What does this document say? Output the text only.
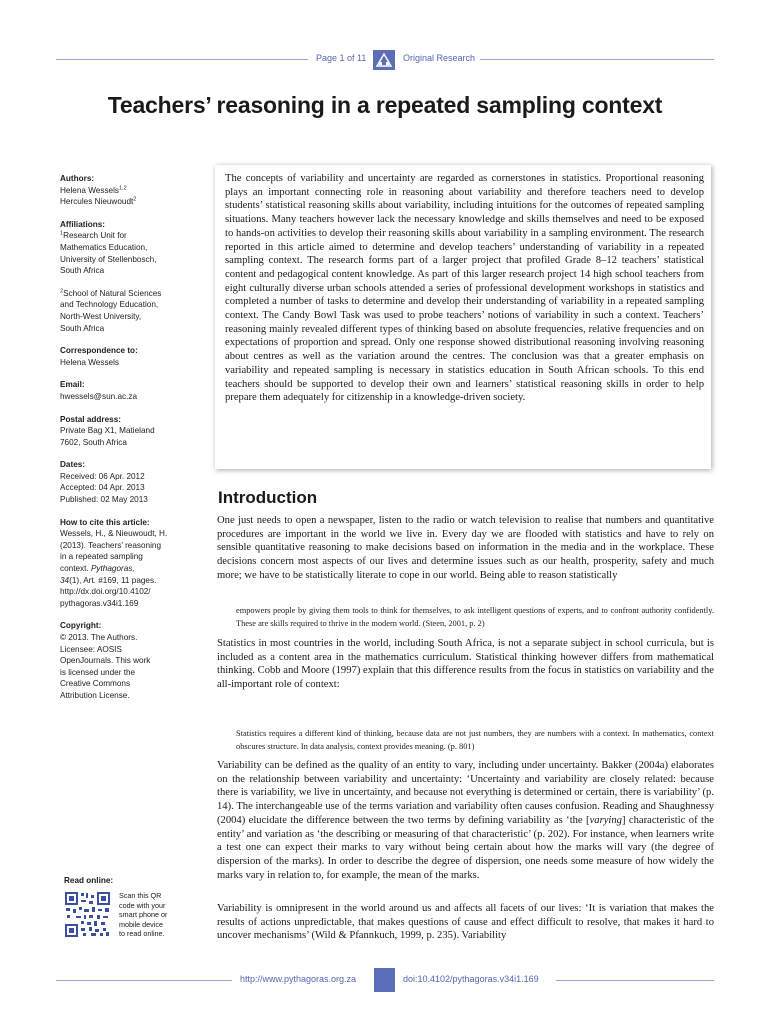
Page 1 of 11	Original Research
Teachers’ reasoning in a repeated sampling context
Authors:
Helena Wessels$^{1,2}$
Hercules Nieuwoudt$^2$
Affiliations:
$^1$Research Unit for
Mathematics Education,
University of Stellenbosch,
South Africa
$^2$School of Natural Sciences
and Technology Education,
North-West University,
South Africa
Correspondence to:
Helena Wessels
Email:
hwessels@sun.ac.za
Postal address:
Private Bag X1, Matieland
7602, South Africa
Dates:
Received: 06 Apr. 2012
Accepted: 04 Apr. 2013
Published: 02 May 2013
How to cite this article:
Wessels, H., & Nieuwoudt, H.
(2013). Teachers’ reasoning
in a repeated sampling
context. Pythagoras,
34(1), Art. #169, 11 pages.
http://dx.doi.org/10.4102/
pythagoras.v34i1.169
Copyright:
© 2013. The Authors.
Licensee: AOSIS
OpenJournals. This work
is licensed under the
Creative Commons
Attribution License.
Read online:
Scan this QR
code with your
smart phone or
mobile device
to read online.
The concepts of variability and uncertainty are regarded as cornerstones in statistics. Proportional reasoning plays an important connecting role in reasoning about variability and therefore teachers need to develop students’ statistical reasoning skills about variability, including intuitions for the outcomes of repeated sampling situations. Many teachers however lack the necessary knowledge and skills themselves and need to be exposed to hands-on activities to develop their reasoning skills about variability in a sampling environment. The research reported in this article aimed to determine and develop teachers’ understanding of variability in a repeated sampling context. The research forms part of a larger project that profiled Grade 8–12 teachers’ statistical content and pedagogical content knowledge. As part of this larger research project 14 high school teachers from eight culturally diverse urban schools attended a series of professional development workshops in statistics and completed a number of tasks to determine and develop their understanding of variability in a repeated sampling context. The Candy Bowl Task was used to probe teachers’ notions of variability in such a context. Teachers’ reasoning mainly revealed different types of thinking based on absolute frequencies, relative frequencies and on expectations of proportion and spread. Only one response showed distributional reasoning involving reasoning about centres as well as the variation around the centres. The conclusion was that a greater emphasis on variability and repeated sampling is necessary in statistics education in South African schools. To this end teachers should be supported to develop their own and learners’ statistical reasoning skills in order to help prepare them adequately for citizenship in a knowledge-driven society.
Introduction
One just needs to open a newspaper, listen to the radio or watch television to realise that numbers and quantitative procedures are important in the world we live in. Every day we are flooded with statistics and have to rely on sensible quantitative reasoning to make decisions based on information in the media and in the workplace. These decisions concern most aspects of our lives and determine issues such as our health, prosperity, safety and much more; we have to be statistically literate to cope in our world. Being able to reason statistically
empowers people by giving them tools to think for themselves, to ask intelligent questions of experts, and to confront authority confidently. These are skills required to thrive in the modern world. (Steen, 2001, p. 2)
Statistics in most countries in the world, including South Africa, is not a separate subject in school curricula, but is included as a content area in the mathematics curriculum. Statistical thinking however differs from mathematical thinking. Cobb and Moore (1997) explain that this difference results from the focus in statistics on variability and the all-important role of context:
Statistics requires a different kind of thinking, because data are not just numbers, they are numbers with a context. In mathematics, context obscures structure. In data analysis, context provides meaning. (p. 801)
Variability can be defined as the quality of an entity to vary, including under uncertainty. Bakker (2004a) elaborates on the relationship between variability and uncertainty: ‘Uncertainty and variability are closely related: because there is variability, we live in uncertainty, and because not everything is determined or certain, there is variability’ (p. 14). The interchangeable use of the terms variation and variability often causes confusion. Reading and Shaughnessy (2004) elucidate the difference between the two terms by defining variability as ‘the [varying] characteristic of the entity’ and variation as ‘the describing or measuring of that characteristic’ (p. 202). For instance, when learners write a test one can expect their marks to vary without being certain about how the marks will vary (the degree of dispersion of the marks). In order to describe the degree of dispersion, one needs some measure of how widely the marks vary in relation to, for example, the mean of the marks.
Variability is omnipresent in the world around us and affects all facets of our lives: ‘It is variation that makes the results of actions unpredictable, that makes questions of cause and effect difficult to resolve, that makes it hard to uncover mechanisms’ (Wild & Pfannkuch, 1999, p. 235). Variability
http://www.pythagoras.org.za	doi:10.4102/pythagoras.v34i1.169
